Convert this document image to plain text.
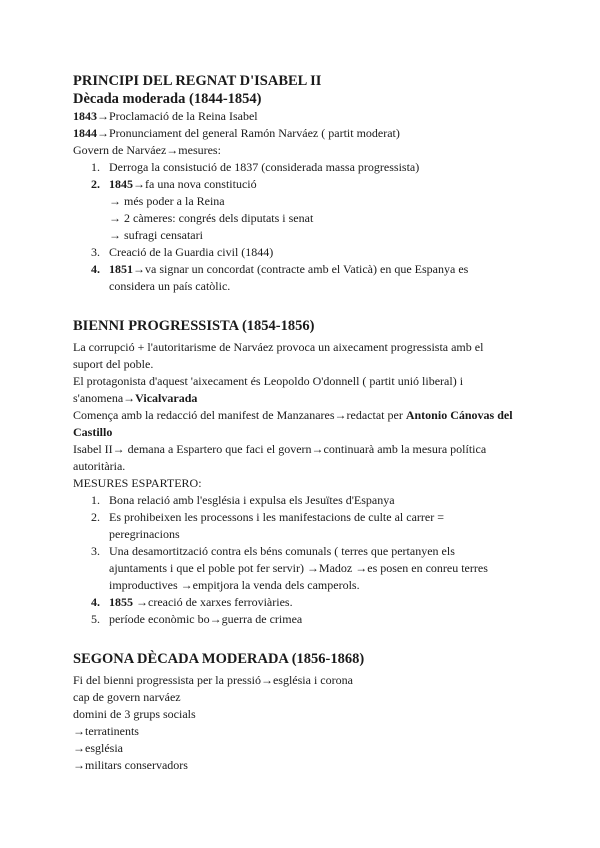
PRINCIPI DEL REGNAT D'ISABEL II
Dècada moderada (1844-1854)
1843→Proclamació de la Reina Isabel
1844→Pronunciament del general Ramón Narváez ( partit moderat)
Govern de Narváez→mesures:
1. Derroga la consistució de 1837 (considerada massa progressista)
2. 1845→fa una nova constitució
→ més poder a la Reina
→ 2 càmeres: congrés dels diputats i senat
→ sufragi censatari
3. Creació de la Guardia civil (1844)
4. 1851→va signar un concordat (contracte amb el Vaticà) en que Espanya es considera un país catòlic.
BIENNI PROGRESSISTA (1854-1856)
La corrupció + l'autoritarisme de Narváez provoca un aixecament progressista amb el suport del poble.
El protagonista d'aquest 'aixecament és Leopoldo O'donnell ( partit unió liberal) i s'anomena→Vicalvarada
Comença amb la redacció del manifest de Manzanares→redactat per Antonio Cánovas del Castillo
Isabel II→ demana a Espartero que faci el govern→continuarà amb la mesura política autoritària.
MESURES ESPARTERO:
1. Bona relació amb l'església i expulsa els Jesuïtes d'Espanya
2. Es prohibeixen les processons i les manifestacions de culte al carrer = peregrinacions
3. Una desamortització contra els béns comunals ( terres que pertanyen els ajuntaments i que el poble pot fer servir) →Madoz →es posen en conreu terres improductives →empitjora la venda dels camperols.
4. 1855 →creació de xarxes ferroviàries.
5. període econòmic bo→guerra de crimea
SEGONA DÈCADA MODERADA (1856-1868)
Fi del bienni progressista per la pressió→església i corona
cap de govern narváez
domini de 3 grups socials
→terratinents
→església
→militars conservadors
